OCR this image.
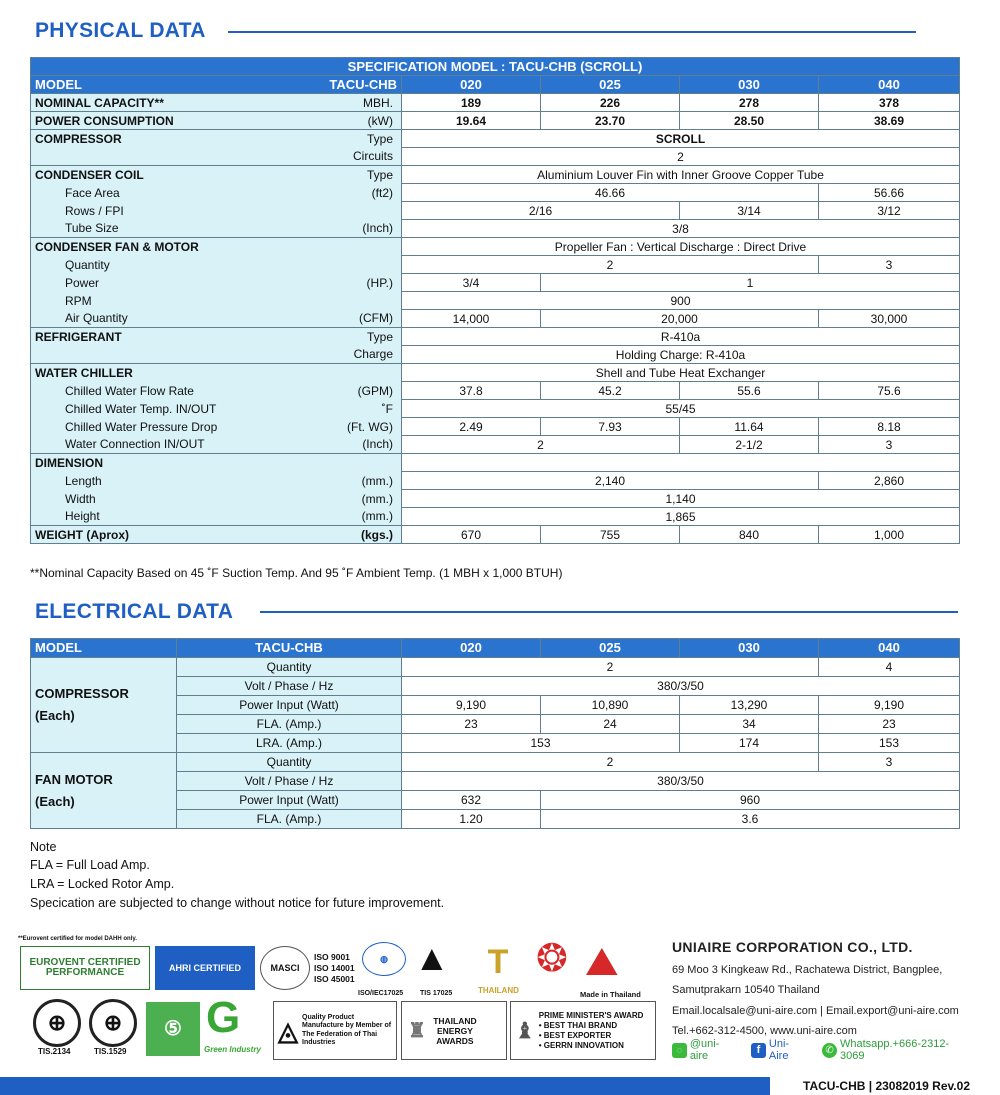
PHYSICAL DATA
SPECIFICATION MODEL : TACU-CHB (SCROLL)					
MODEL	TACU-CHB	020	025	030	040
NOMINAL CAPACITY**	MBH.	189	226	278	378
POWER CONSUMPTION	(kW)	19.64	23.70	28.50	38.69
COMPRESSOR	Type	SCROLL			
	Circuits	2			
CONDENSER COIL	Type	Aluminium Louver Fin with Inner Groove Copper Tube			
Face Area	(ft2)	46.66			56.66
Rows / FPI		2/16		3/14	3/12
Tube Size	(Inch)	3/8			
CONDENSER FAN & MOTOR		Propeller Fan : Vertical Discharge : Direct Drive			
Quantity		2			3
Power	(HP.)	3/4	1		
RPM		900			
Air Quantity	(CFM)	14,000	20,000		30,000
REFRIGERANT	Type	R-410a			
	Charge	Holding Charge: R-410a			
WATER CHILLER		Shell and Tube Heat Exchanger			
Chilled Water Flow Rate	(GPM)	37.8	45.2	55.6	75.6
Chilled Water Temp. IN/OUT	˚F	55/45			
Chilled Water Pressure Drop	(Ft. WG)	2.49	7.93	11.64	8.18
Water Connection IN/OUT	(Inch)	2		2-1/2	3
DIMENSION					
Length	(mm.)	2,140			2,860
Width	(mm.)	1,140			
Height	(mm.)	1,865			
WEIGHT (Aprox)	(kgs.)	670	755	840	1,000
**Nominal Capacity Based on 45 ˚F Suction Temp. And 95 ˚F Ambient Temp. (1 MBH x 1,000 BTUH)
ELECTRICAL DATA
MODEL	TACU-CHB	020	025	030	040

COMPRESSOR
(Each)	Quantity	2			4
	Volt / Phase / Hz	380/3/50			
	Power Input (Watt)	9,190	10,890	13,290	9,190
	FLA. (Amp.)	23	24	34	23
	LRA. (Amp.)	153		174	153

FAN MOTOR
(Each)	Quantity	2			3
	Volt / Phase / Hz	380/3/50			
	Power Input (Watt)	632	960		
	FLA. (Amp.)	1.20	3.6		
Note
FLA = Full Load Amp.
LRA = Locked Rotor Amp.
Specication are subjected to change without notice for future improvement.
**Eurovent certified for model DAHH only.
EUROVENT CERTIFIED PERFORMANCE	AHRI CERTIFIED	MASCI
ISO 9001
ISO 14001
ISO 45001
◍
ISO/IEC17025
▲
TIS 17025
T
THAILAND
❂ ⛰
Made in Thailand
⊕
TIS.2134
⊕
TIS.1529
⑤ G
Green Industry
◬ Quality Product Manufacture by Member of The Federation of Thai Industries
♜ THAILAND ENERGY AWARDS ♝
PRIME MINISTER'S AWARD
• BEST THAI BRAND
• BEST EXPORTER
• GERRN INNOVATION
UNIAIRE CORPORATION CO., LTD.
69 Moo 3 Kingkeaw Rd., Rachatewa District, Bangplee,
Samutprakarn 10540 Thailand
Email.localsale@uni-aire.com | Email.export@uni-aire.com
Tel.+662-312-4500, www.uni-aire.com
◌ @uni-aire
f Uni-Aire	✆ Whatsapp.+666-2312-3069
TACU-CHB | 23082019 Rev.02
